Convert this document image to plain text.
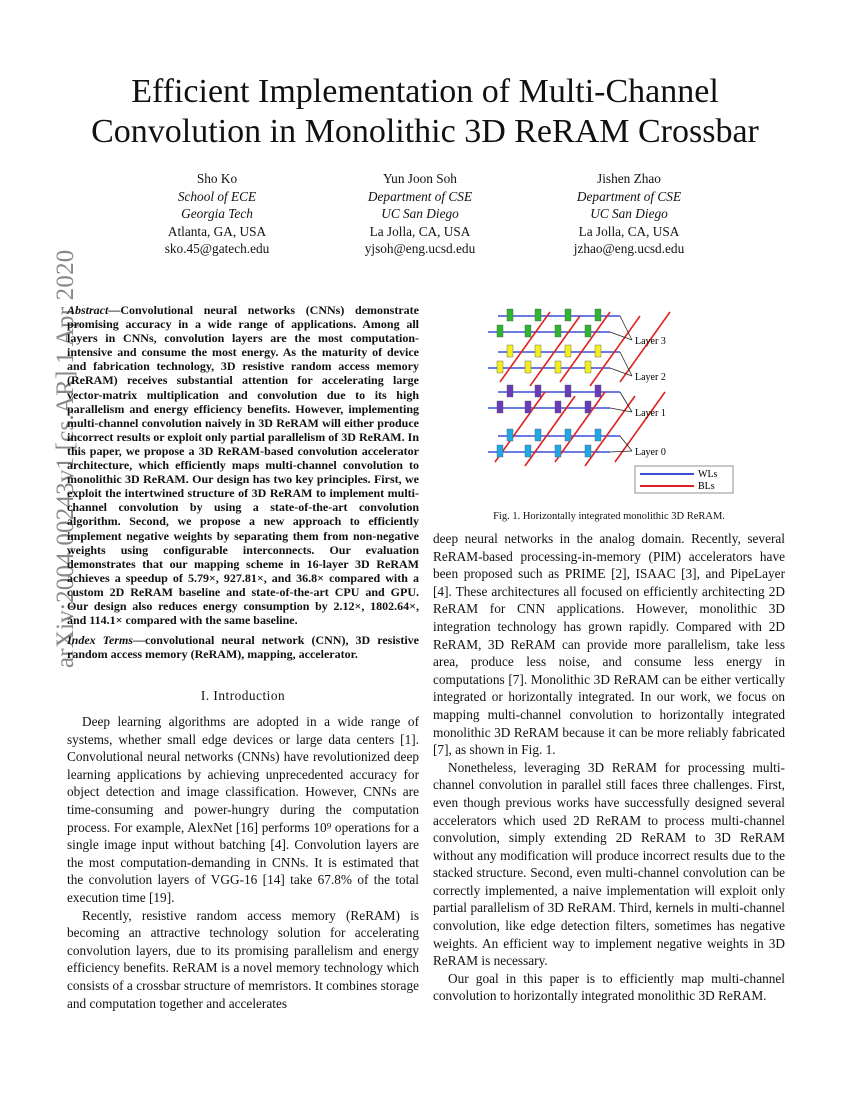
Efficient Implementation of Multi-Channel
Convolution in Monolithic 3D ReRAM Crossbar
Sho Ko
School of ECE
Georgia Tech
Atlanta, GA, USA
sko.45@gatech.edu
Yun Joon Soh
Department of CSE
UC San Diego
La Jolla, CA, USA
yjsoh@eng.ucsd.edu
Jishen Zhao
Department of CSE
UC San Diego
La Jolla, CA, USA
jzhao@eng.ucsd.edu
arXiv:2004.00243v1 [cs.AR] 1 Apr 2020
Abstract—Convolutional neural networks (CNNs) demonstrate promising accuracy in a wide range of applications. Among all layers in CNNs, convolution layers are the most computation-intensive and consume the most energy. As the maturity of device and fabrication technology, 3D resistive random access memory (ReRAM) receives substantial attention for accelerating large vector-matrix multiplication and convolution due to its high parallelism and energy efficiency benefits. However, implementing multi-channel convolution naively in 3D ReRAM will either produce incorrect results or exploit only partial parallelism of 3D ReRAM. In this paper, we propose a 3D ReRAM-based convolution accelerator architecture, which efficiently maps multi-channel convolution to monolithic 3D ReRAM. Our design has two key principles. First, we exploit the intertwined structure of 3D ReRAM to implement multi-channel convolution by using a state-of-the-art convolution algorithm. Second, we propose a new approach to efficiently implement negative weights by separating them from non-negative weights using configurable interconnects. Our evaluation demonstrates that our mapping scheme in 16-layer 3D ReRAM achieves a speedup of 5.79×, 927.81×, and 36.8× compared with a custom 2D ReRAM baseline and state-of-the-art CPU and GPU. Our design also reduces energy consumption by 2.12×, 1802.64×, and 114.1× compared with the same baseline.
Index Terms—convolutional neural network (CNN), 3D resistive random access memory (ReRAM), mapping, accelerator.
I. Introduction

Deep learning algorithms are adopted in a wide range of systems, whether small edge devices or large data centers [1]. Convolutional neural networks (CNNs) have revolutionized deep learning applications by achieving unprecedented accuracy for object detection and image classification. However, CNNs are time-consuming and power-hungry during the computation process. For example, AlexNet [16] performs 10⁹ operations for a single image input without batching [4]. Convolution layers are the most computation-demanding in CNNs. It is estimated that the convolution layers of VGG-16 [14] take 67.8% of the total execution time [19].

Recently, resistive random access memory (ReRAM) is becoming an attractive technology solution for accelerating convolution layers, due to its promising parallelism and energy efficiency benefits. ReRAM is a novel memory technology which consists of a crossbar structure of memristors. It combines storage and computation together and accelerates

Layer 3
Layer 2
Layer 1
Layer 0
WLs
BLs
Fig. 1. Horizontally integrated monolithic 3D ReRAM.

deep neural networks in the analog domain. Recently, several ReRAM-based processing-in-memory (PIM) accelerators have been proposed such as PRIME [2], ISAAC [3], and PipeLayer [4]. These architectures all focused on efficiently architecting 2D ReRAM for CNN applications. However, monolithic 3D integration technology has grown rapidly. Compared with 2D ReRAM, 3D ReRAM can provide more parallelism, take less area, produce less noise, and consume less energy in computations [7]. Monolithic 3D ReRAM can be either vertically integrated or horizontally integrated. In our work, we focus on mapping multi-channel convolution to horizontally integrated monolithic 3D ReRAM because it can be more reliably fabricated [7], as shown in Fig. 1.

Nonetheless, leveraging 3D ReRAM for processing multi-channel convolution in parallel still faces three challenges. First, even though previous works have successfully designed several accelerators which used 2D ReRAM to process multi-channel convolution, simply extending 2D ReRAM to 3D ReRAM without any modification will produce incorrect results due to the stacked structure. Second, even multi-channel convolution can be correctly implemented, a naive implementation will exploit only partial parallelism of 3D ReRAM. Third, kernels in multi-channel convolution, like edge detection filters, sometimes has negative weights. An efficient way to implement negative weights in 3D ReRAM is necessary.

Our goal in this paper is to efficiently map multi-channel convolution to horizontally integrated monolithic 3D ReRAM.
